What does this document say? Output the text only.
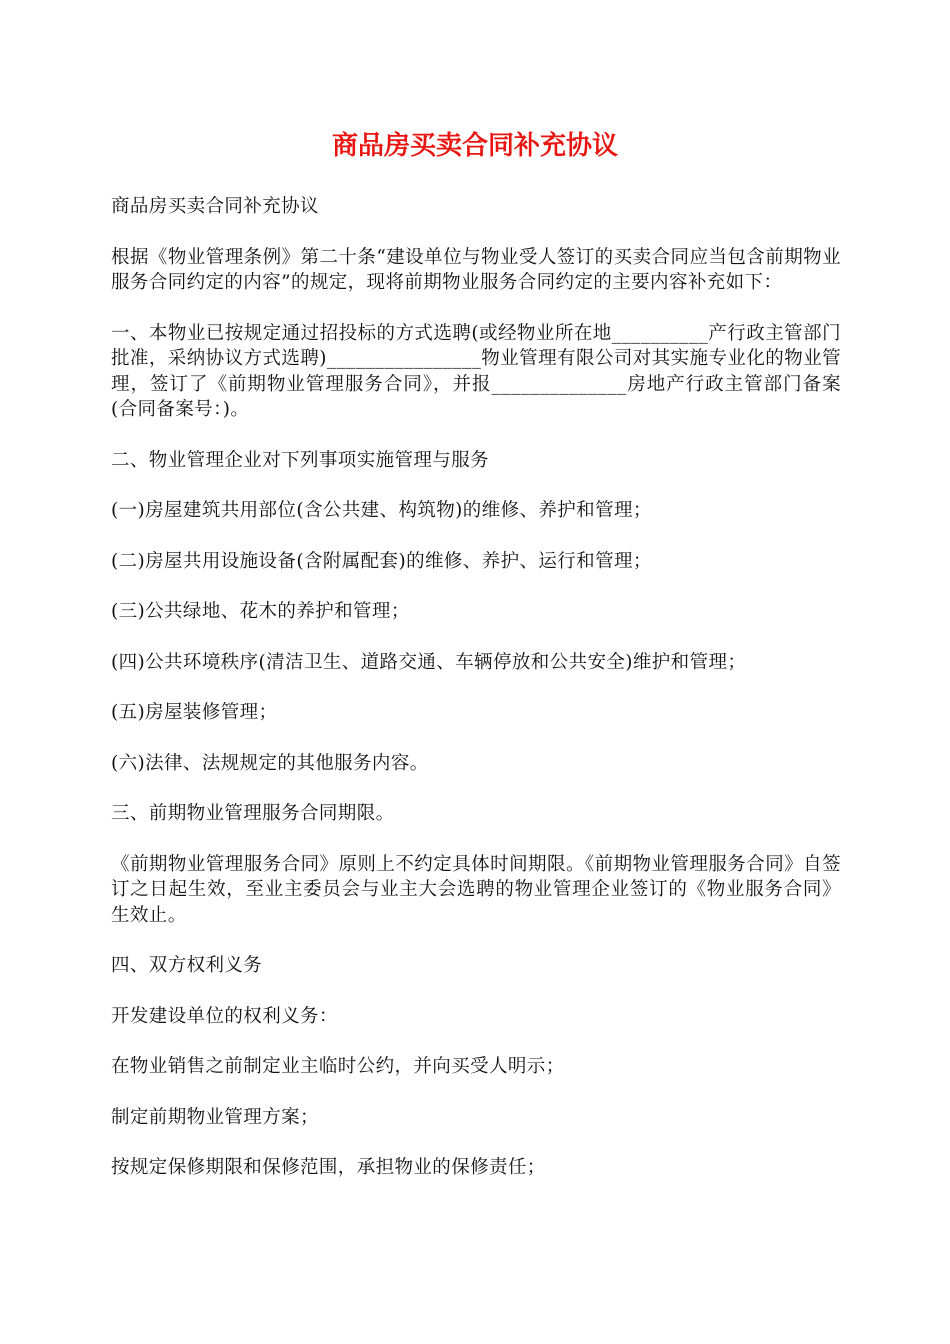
商品房买卖合同补充协议

商品房买卖合同补充协议

根据《物业管理条例》第二十条“建设单位与物业受人签订的买卖合同应当包含前期物业服务合同约定的内容”的规定，现将前期物业服务合同约定的主要内容补充如下：

一、本物业已按规定通过招投标的方式选聘(或经物业所在地__________产行政主管部门批准，采纳协议方式选聘)________________物业管理有限公司对其实施专业化的物业管理，签订了《前期物业管理服务合同》，并报______________房地产行政主管部门备案(合同备案号：)。

二、物业管理企业对下列事项实施管理与服务

(一)房屋建筑共用部位(含公共建、构筑物)的维修、养护和管理；

(二)房屋共用设施设备(含附属配套)的维修、养护、运行和管理；

(三)公共绿地、花木的养护和管理；

(四)公共环境秩序(清洁卫生、道路交通、车辆停放和公共安全)维护和管理；

(五)房屋装修管理；

(六)法律、法规规定的其他服务内容。

三、前期物业管理服务合同期限。

《前期物业管理服务合同》原则上不约定具体时间期限。《前期物业管理服务合同》自签订之日起生效，至业主委员会与业主大会选聘的物业管理企业签订的《物业服务合同》生效止。

四、双方权利义务

开发建设单位的权利义务：

在物业销售之前制定业主临时公约，并向买受人明示；

制定前期物业管理方案；

按规定保修期限和保修范围，承担物业的保修责任；
